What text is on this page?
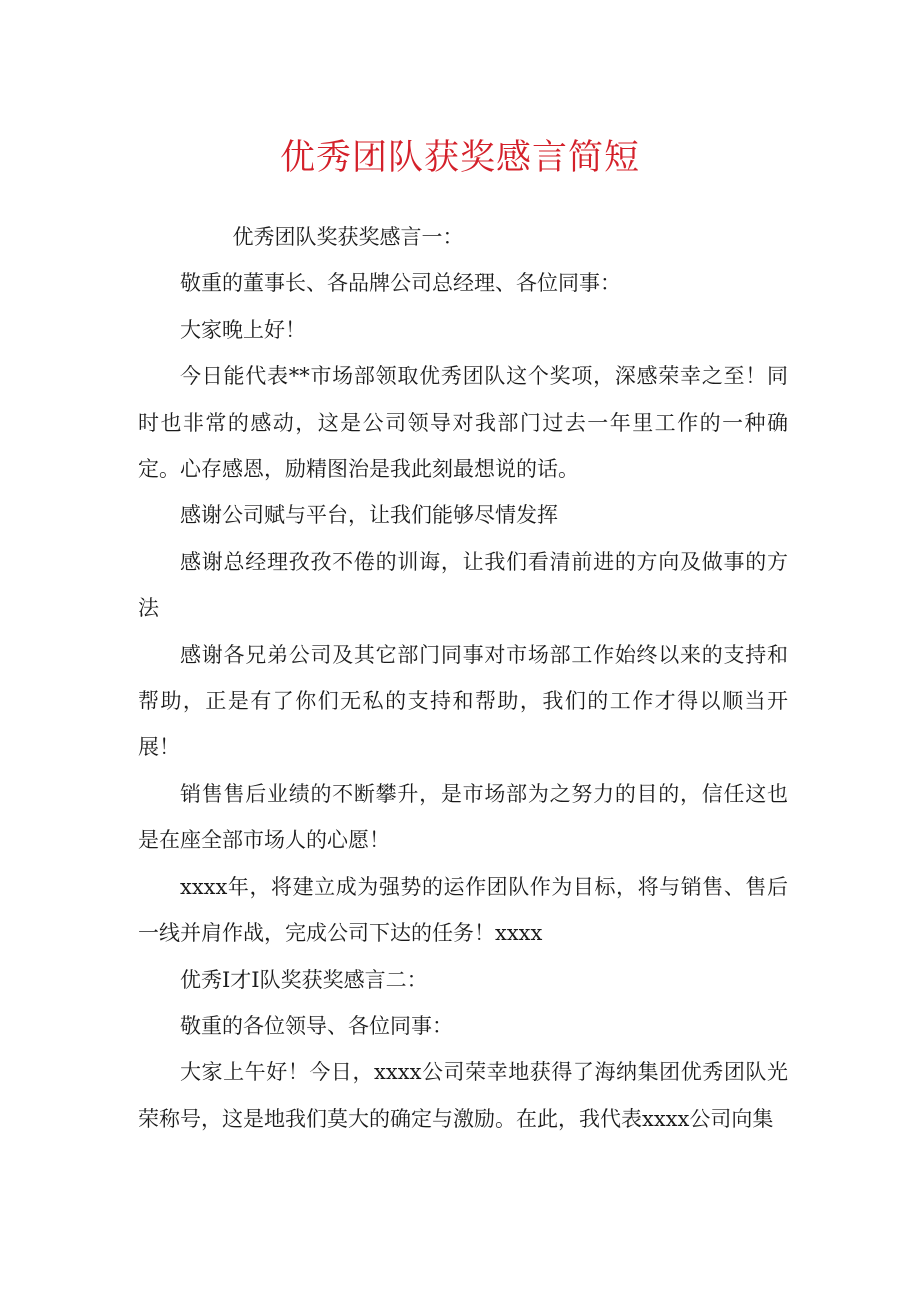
优秀团队获奖感言简短

优秀团队奖获奖感言一：

敬重的董事长、各品牌公司总经理、各位同事：

大家晚上好！

今日能代表**市场部领取优秀团队这个奖项，深感荣幸之至！同时也非常的感动，这是公司领导对我部门过去一年里工作的一种确定。心存感恩，励精图治是我此刻最想说的话。

感谢公司赋与平台，让我们能够尽情发挥

感谢总经理孜孜不倦的训诲，让我们看清前进的方向及做事的方法

感谢各兄弟公司及其它部门同事对市场部工作始终以来的支持和帮助，正是有了你们无私的支持和帮助，我们的工作才得以顺当开展！

销售售后业绩的不断攀升，是市场部为之努力的目的，信任这也是在座全部市场人的心愿！

xxxx年，将建立成为强势的运作团队作为目标，将与销售、售后一线并肩作战，完成公司下达的任务！xxxx

优秀I才I队奖获奖感言二：

敬重的各位领导、各位同事：

大家上午好！今日，xxxx公司荣幸地获得了海纳集团优秀团队光荣称号，这是地我们莫大的确定与激励。在此，我代表xxxx公司向集
